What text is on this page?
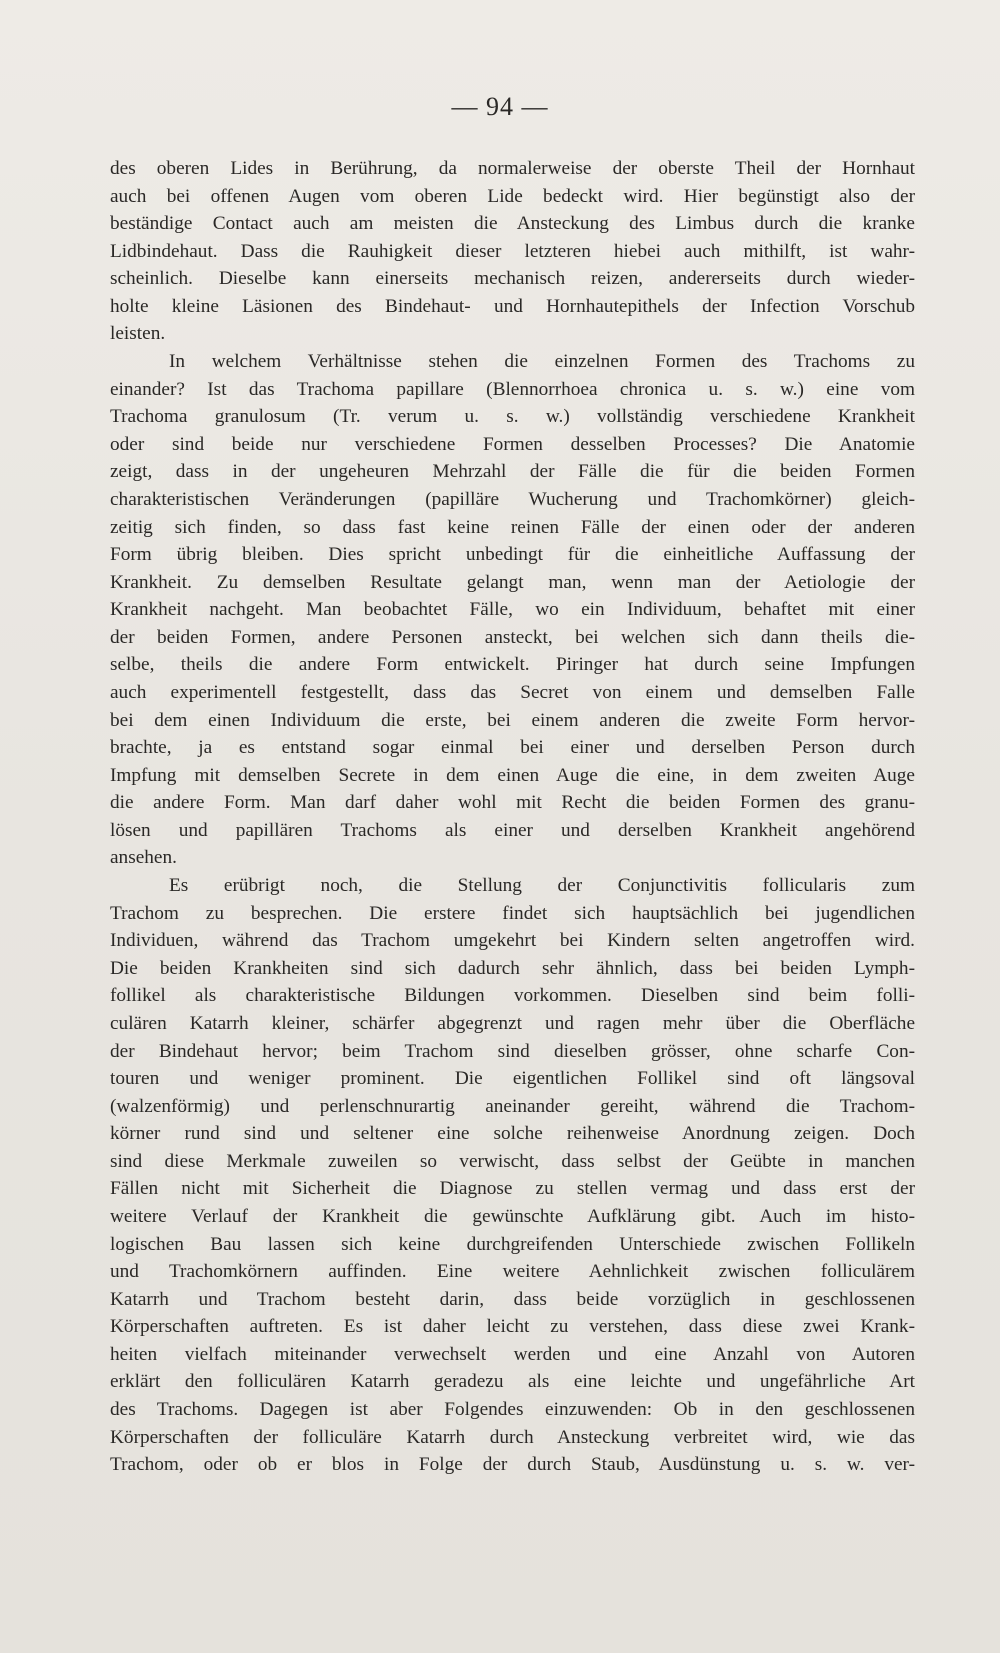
— 94 —
des oberen Lides in Berührung, da normalerweise der oberste Theil der Hornhaut
auch bei offenen Augen vom oberen Lide bedeckt wird. Hier begünstigt also der
beständige Contact auch am meisten die Ansteckung des Limbus durch die kranke
Lidbindehaut. Dass die Rauhigkeit dieser letzteren hiebei auch mithilft, ist wahr-
scheinlich. Dieselbe kann einerseits mechanisch reizen, andererseits durch wieder-
holte kleine Läsionen des Bindehaut- und Hornhautepithels der Infection Vorschub
leisten.
In welchem Verhältnisse stehen die einzelnen Formen des Trachoms zu
einander? Ist das Trachoma papillare (Blennorrhoea chronica u. s. w.) eine vom
Trachoma granulosum (Tr. verum u. s. w.) vollständig verschiedene Krankheit
oder sind beide nur verschiedene Formen desselben Processes? Die Anatomie
zeigt, dass in der ungeheuren Mehrzahl der Fälle die für die beiden Formen
charakteristischen Veränderungen (papilläre Wucherung und Trachomkörner) gleich-
zeitig sich finden, so dass fast keine reinen Fälle der einen oder der anderen
Form übrig bleiben. Dies spricht unbedingt für die einheitliche Auffassung der
Krankheit. Zu demselben Resultate gelangt man, wenn man der Aetiologie der
Krankheit nachgeht. Man beobachtet Fälle, wo ein Individuum, behaftet mit einer
der beiden Formen, andere Personen ansteckt, bei welchen sich dann theils die-
selbe, theils die andere Form entwickelt. Piringer hat durch seine Impfungen
auch experimentell festgestellt, dass das Secret von einem und demselben Falle
bei dem einen Individuum die erste, bei einem anderen die zweite Form hervor-
brachte, ja es entstand sogar einmal bei einer und derselben Person durch
Impfung mit demselben Secrete in dem einen Auge die eine, in dem zweiten Auge
die andere Form. Man darf daher wohl mit Recht die beiden Formen des granu-
lösen und papillären Trachoms als einer und derselben Krankheit angehörend
ansehen.
Es erübrigt noch, die Stellung der Conjunctivitis follicularis zum
Trachom zu besprechen. Die erstere findet sich hauptsächlich bei jugendlichen
Individuen, während das Trachom umgekehrt bei Kindern selten angetroffen wird.
Die beiden Krankheiten sind sich dadurch sehr ähnlich, dass bei beiden Lymph-
follikel als charakteristische Bildungen vorkommen. Dieselben sind beim folli-
culären Katarrh kleiner, schärfer abgegrenzt und ragen mehr über die Oberfläche
der Bindehaut hervor; beim Trachom sind dieselben grösser, ohne scharfe Con-
touren und weniger prominent. Die eigentlichen Follikel sind oft längsoval
(walzenförmig) und perlenschnurartig aneinander gereiht, während die Trachom-
körner rund sind und seltener eine solche reihenweise Anordnung zeigen. Doch
sind diese Merkmale zuweilen so verwischt, dass selbst der Geübte in manchen
Fällen nicht mit Sicherheit die Diagnose zu stellen vermag und dass erst der
weitere Verlauf der Krankheit die gewünschte Aufklärung gibt. Auch im histo-
logischen Bau lassen sich keine durchgreifenden Unterschiede zwischen Follikeln
und Trachomkörnern auffinden. Eine weitere Aehnlichkeit zwischen folliculärem
Katarrh und Trachom besteht darin, dass beide vorzüglich in geschlossenen
Körperschaften auftreten. Es ist daher leicht zu verstehen, dass diese zwei Krank-
heiten vielfach miteinander verwechselt werden und eine Anzahl von Autoren
erklärt den folliculären Katarrh geradezu als eine leichte und ungefährliche Art
des Trachoms. Dagegen ist aber Folgendes einzuwenden: Ob in den geschlossenen
Körperschaften der folliculäre Katarrh durch Ansteckung verbreitet wird, wie das
Trachom, oder ob er blos in Folge der durch Staub, Ausdünstung u. s. w. ver-
